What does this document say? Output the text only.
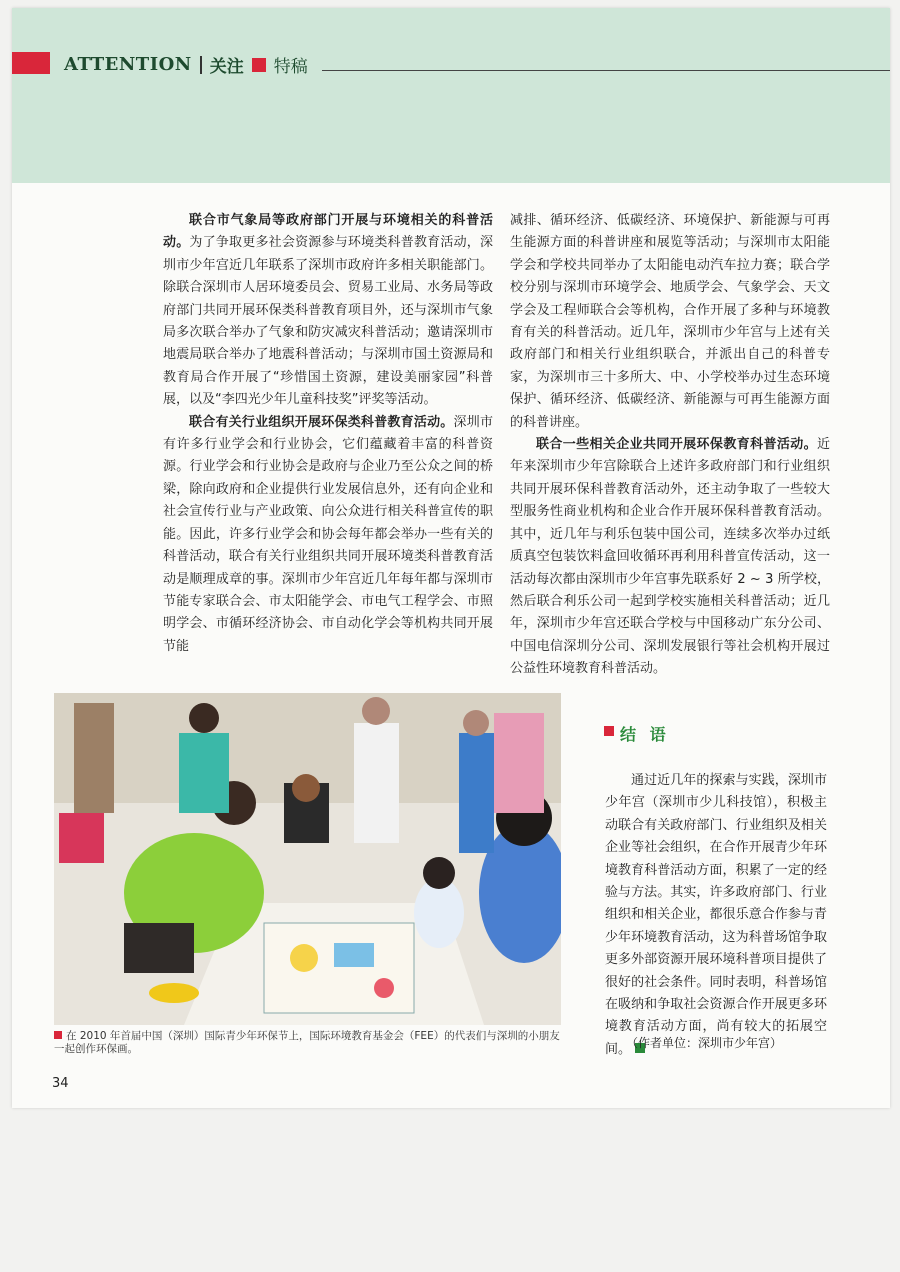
ATTENTION 关注 特稿

联合市气象局等政府部门开展与环境相关的科普活动。为了争取更多社会资源参与环境类科普教育活动，深圳市少年宫近几年联系了深圳市政府许多相关职能部门。除联合深圳市人居环境委员会、贸易工业局、水务局等政府部门共同开展环保类科普教育项目外，还与深圳市气象局多次联合举办了气象和防灾减灾科普活动；邀请深圳市地震局联合举办了地震科普活动；与深圳市国土资源局和教育局合作开展了“珍惜国土资源，建设美丽家园”科普展，以及“李四光少年儿童科技奖”评奖等活动。

联合有关行业组织开展环保类科普教育活动。深圳市有许多行业学会和行业协会，它们蕴藏着丰富的科普资源。行业学会和行业协会是政府与企业乃至公众之间的桥梁，除向政府和企业提供行业发展信息外，还有向企业和社会宣传行业与产业政策、向公众进行相关科普宣传的职能。因此，许多行业学会和协会每年都会举办一些有关的科普活动，联合有关行业组织共同开展环境类科普教育活动是顺理成章的事。深圳市少年宫近几年每年都与深圳市节能专家联合会、市太阳能学会、市电气工程学会、市照明学会、市循环经济协会、市自动化学会等机构共同开展节能

减排、循环经济、低碳经济、环境保护、新能源与可再生能源方面的科普讲座和展览等活动；与深圳市太阳能学会和学校共同举办了太阳能电动汽车拉力赛；联合学校分别与深圳市环境学会、地质学会、气象学会、天文学会及工程师联合会等机构，合作开展了多种与环境教育有关的科普活动。近几年，深圳市少年宫与上述有关政府部门和相关行业组织联合，并派出自己的科普专家，为深圳市三十多所大、中、小学校举办过生态环境保护、循环经济、低碳经济、新能源与可再生能源方面的科普讲座。

联合一些相关企业共同开展环保教育科普活动。近年来深圳市少年宫除联合上述许多政府部门和行业组织共同开展环保科普教育活动外，还主动争取了一些较大型服务性商业机构和企业合作开展环保科普教育活动。其中，近几年与利乐包装中国公司，连续多次举办过纸质真空包装饮料盒回收循环再利用科普宣传活动，这一活动每次都由深圳市少年宫事先联系好 2 ~ 3 所学校，然后联合利乐公司一起到学校实施相关科普活动；近几年，深圳市少年宫还联合学校与中国移动广东分公司、中国电信深圳分公司、深圳发展银行等社会机构开展过公益性环境教育科普活动。

在 2010 年首届中国（深圳）国际青少年环保节上，国际环境教育基金会（FEE）的代表们与深圳的小朋友一起创作环保画。
结 语

通过近几年的探索与实践，深圳市少年宫（深圳市少儿科技馆），积极主动联合有关政府部门、行业组织及相关企业等社会组织，在合作开展青少年环境教育科普活动方面，积累了一定的经验与方法。其实，许多政府部门、行业组织和相关企业，都很乐意合作参与青少年环境教育活动，这为科普场馆争取更多外部资源开展环境科普项目提供了很好的社会条件。同时表明，科普场馆在吸纳和争取社会资源合作开展更多环境教育活动方面，尚有较大的拓展空间。

（作者单位：深圳市少年宫）
34
